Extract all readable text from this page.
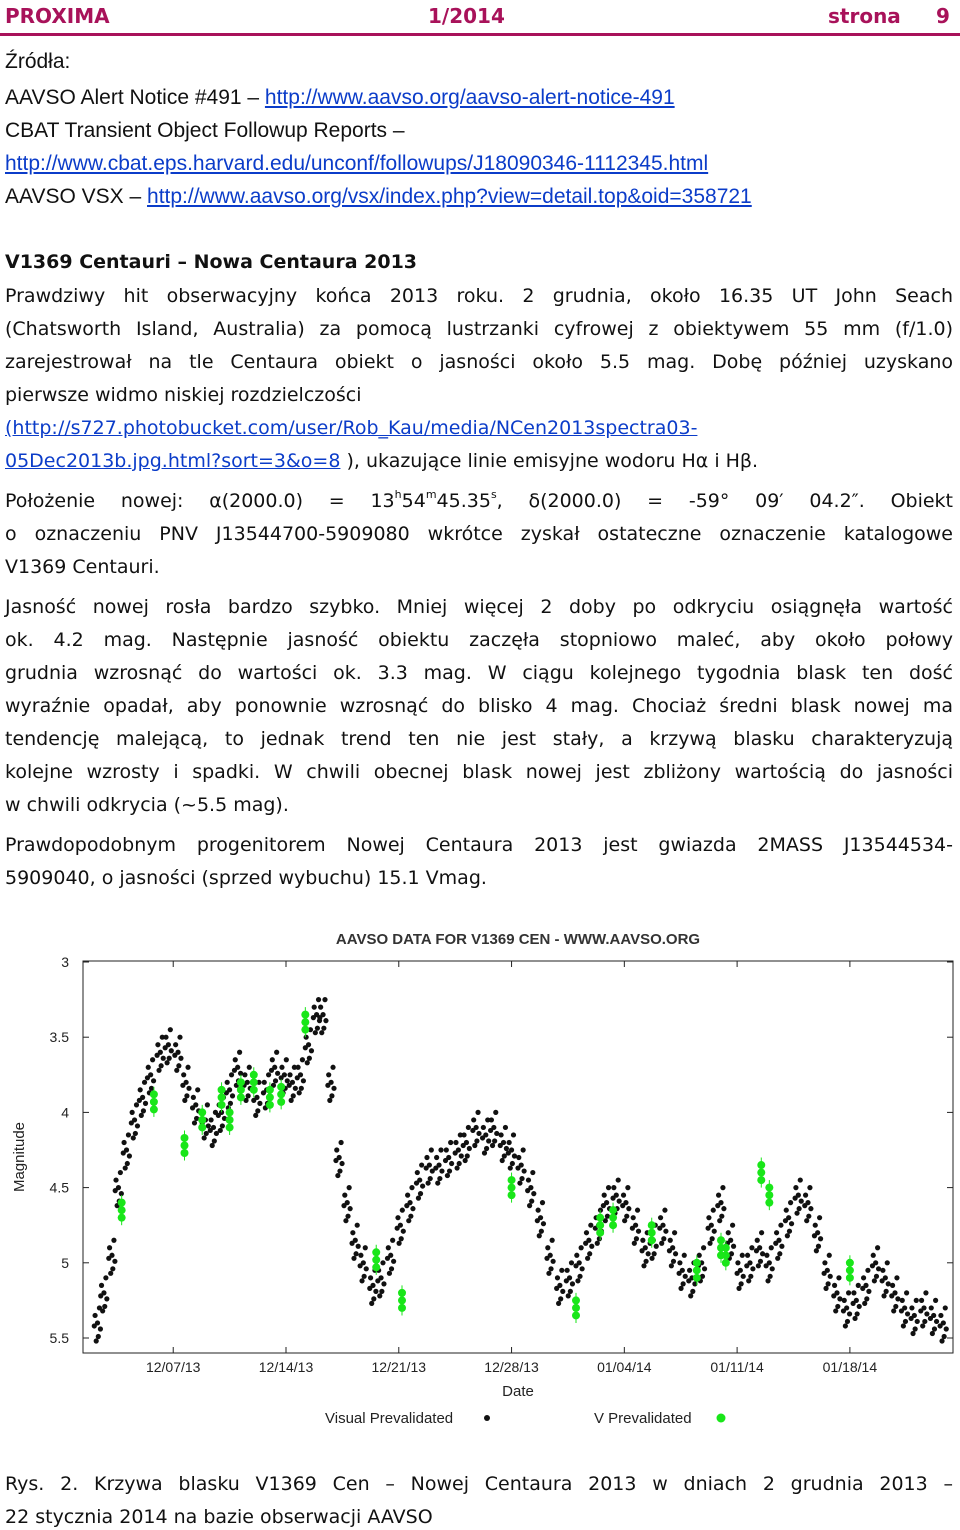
PROXIMA	1/2014	strona 9
Źródła:
AAVSO Alert Notice #491 – http://www.aavso.org/aavso-alert-notice-491
CBAT Transient Object Followup Reports –
http://www.cbat.eps.harvard.edu/unconf/followups/J18090346-1112345.html
AAVSO VSX – http://www.aavso.org/vsx/index.php?view=detail.top&oid=358721
V1369 Centauri – Nowa Centaura 2013
Prawdziwy hit obserwacyjny końca 2013 roku. 2 grudnia, około 16.35 UT John Seach
(Chatsworth Island, Australia) za pomocą lustrzanki cyfrowej z obiektywem 55 mm (f/1.0)
zarejestrował na tle Centaura obiekt o jasności około 5.5 mag. Dobę później uzyskano
pierwsze widmo niskiej rozdzielczości
(http://s727.photobucket.com/user/Rob_Kau/media/NCen2013spectra03-
05Dec2013b.jpg.html?sort=3&o=8 ), ukazujące linie emisyjne wodoru Hα i Hβ.
Położenie nowej: $\alpha(2000.0) = 13^h54^m45.35^s$, δ(2000.0) = -59° 09′ 04.2″. Obiekt
o oznaczeniu PNV J13544700-5909080 wkrótce zyskał ostateczne oznaczenie katalogowe
V1369 Centauri.
Jasność nowej rosła bardzo szybko. Mniej więcej 2 doby po odkryciu osiągnęła wartość
ok. 4.2 mag. Następnie jasność obiektu zaczęła stopniowo maleć, aby około połowy
grudnia wzrosnąć do wartości ok. 3.3 mag. W ciągu kolejnego tygodnia blask ten dość
wyraźnie opadał, aby ponownie wzrosnąć do blisko 4 mag. Chociaż średni blask nowej ma
tendencję malejącą, to jednak trend ten nie jest stały, a krzywą blasku charakteryzują
kolejne wzrosty i spadki. W chwili obecnej blask nowej jest zbliżony wartością do jasności
w chwili odkrycia (~5.5 mag).
Prawdopodobnym progenitorem Nowej Centaura 2013 jest gwiazda 2MASS J13544534-
5909040, o jasności (sprzed wybuchu) 15.1 Vmag.
AAVSO DATA FOR V1369 CEN - WWW.AAVSO.ORG
Magnitude
Date
3
3.5
4
4.5
5
5.5
12/07/13	12/14/13	12/21/13	12/28/13	01/04/14	01/11/14	01/18/14
Visual Prevalidated	V Prevalidated
Rys. 2. Krzywa blasku V1369 Cen – Nowej Centaura 2013 w dniach 2 grudnia 2013 –
22 stycznia 2014 na bazie obserwacji AAVSO
